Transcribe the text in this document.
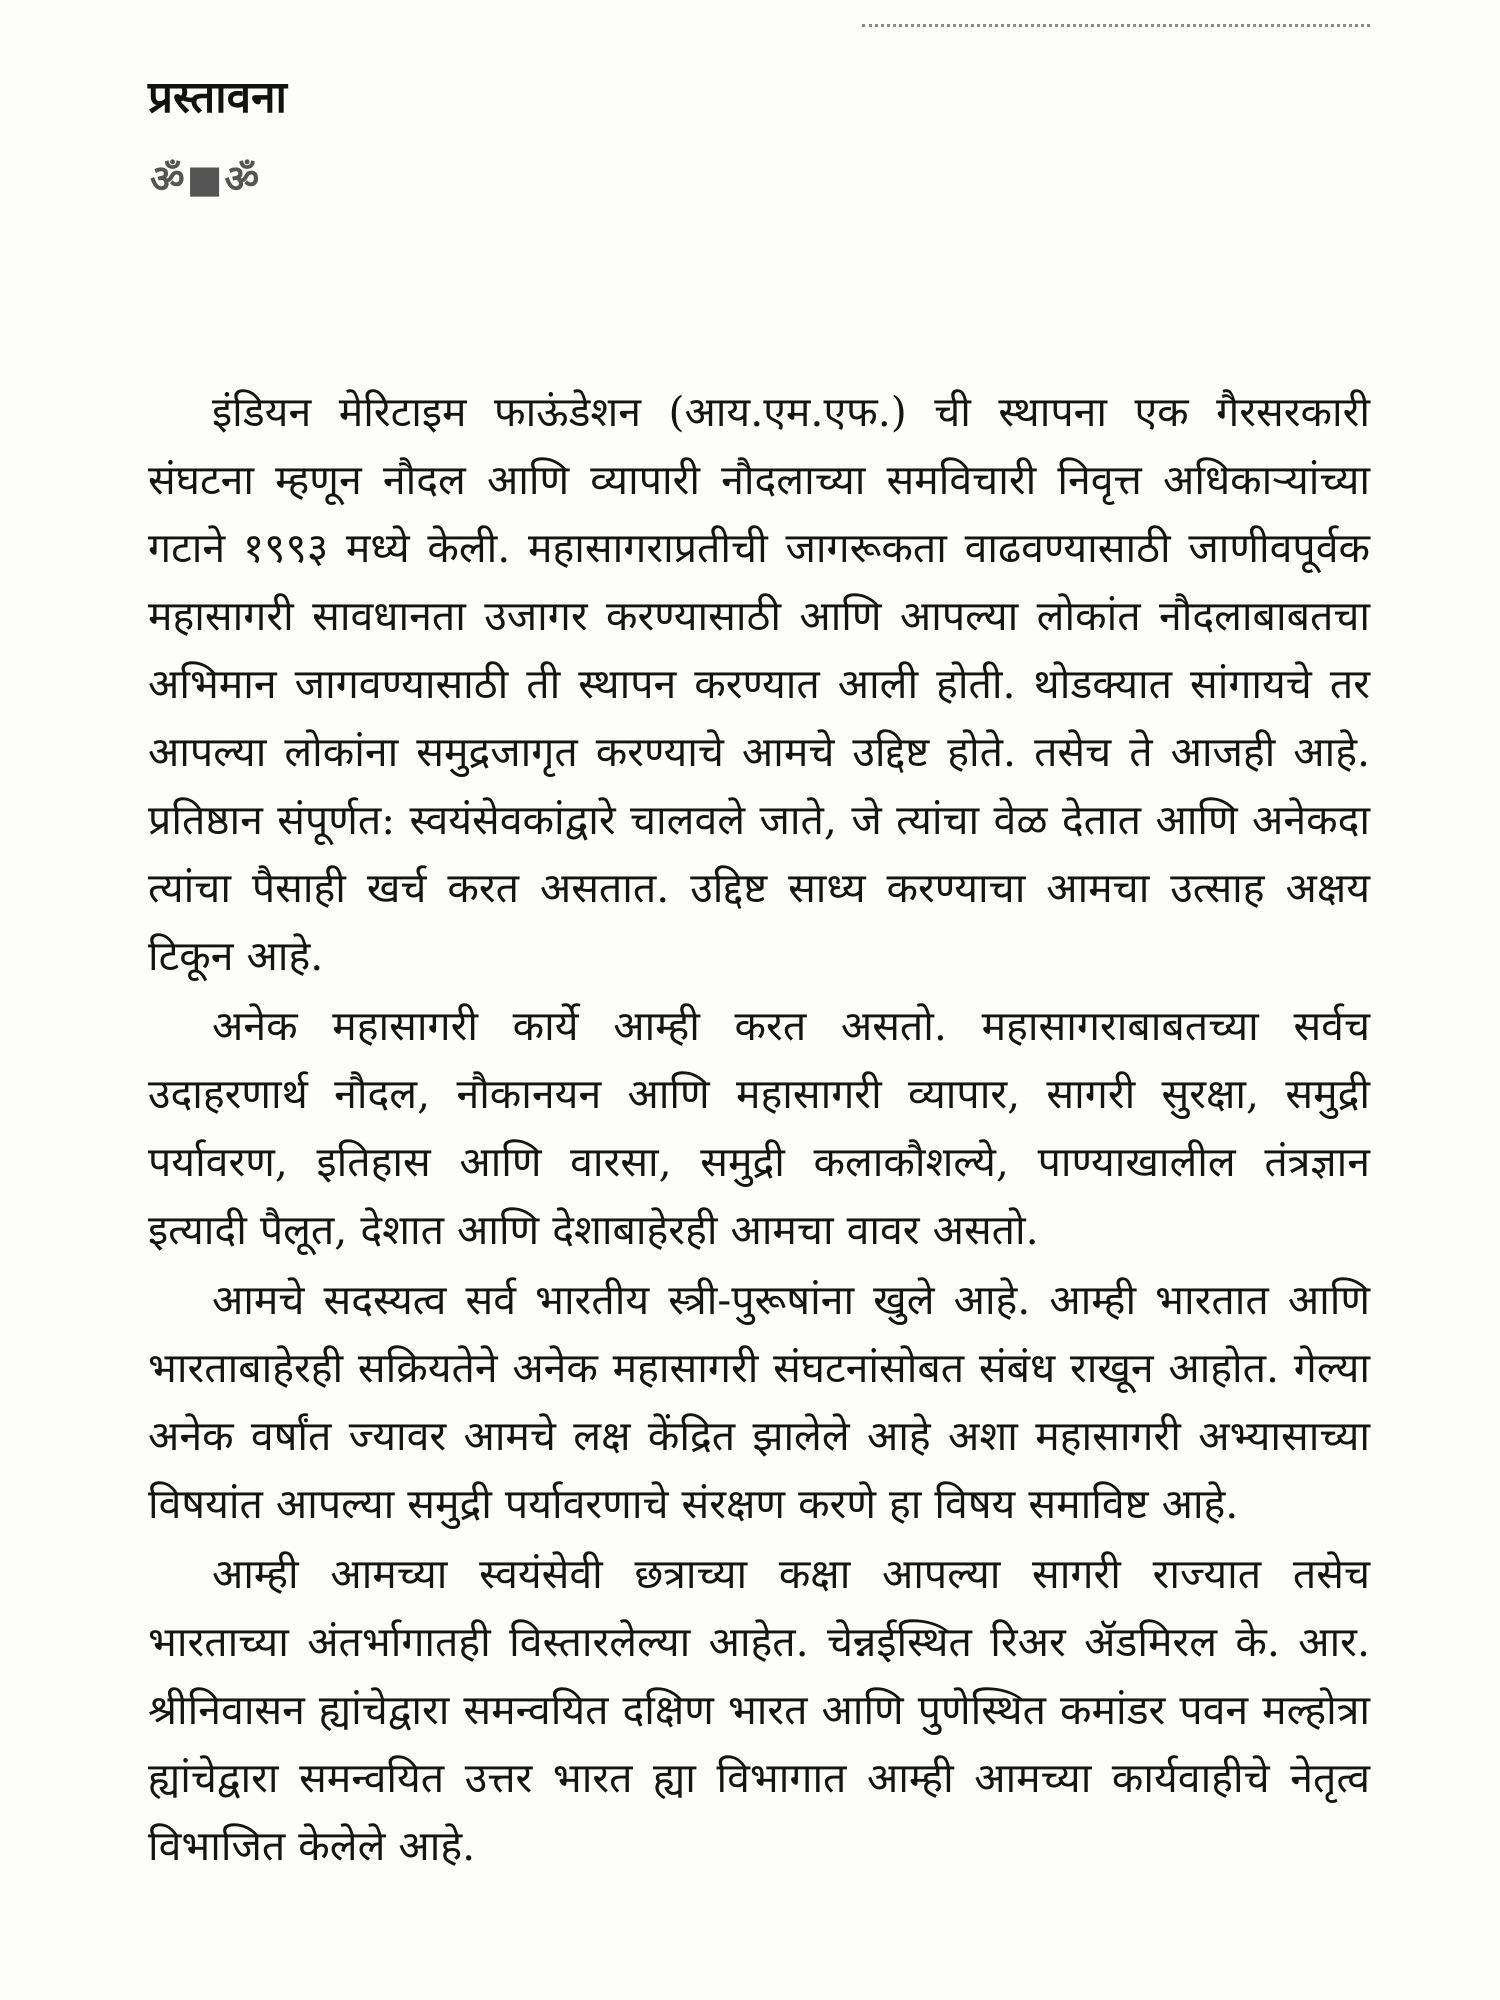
प्रस्तावना
ॐ■ॐ

इंडियन मेरिटाइम फाऊंडेशन (आय.एम.एफ.) ची स्थापना एक गैरसरकारी संघटना म्हणून नौदल आणि व्यापारी नौदलाच्या समविचारी निवृत्त अधिकाऱ्यांच्या गटाने १९९३ मध्ये केली. महासागराप्रतीची जागरूकता वाढवण्यासाठी जाणीवपूर्वक महासागरी सावधानता उजागर करण्यासाठी आणि आपल्या लोकांत नौदलाबाबतचा अभिमान जागवण्यासाठी ती स्थापन करण्यात आली होती. थोडक्यात सांगायचे तर आपल्या लोकांना समुद्रजागृत करण्याचे आमचे उद्दिष्ट होते. तसेच ते आजही आहे. प्रतिष्ठान संपूर्णत: स्वयंसेवकांद्वारे चालवले जाते, जे त्यांचा वेळ देतात आणि अनेकदा त्यांचा पैसाही खर्च करत असतात. उद्दिष्ट साध्य करण्याचा आमचा उत्साह अक्षय टिकून आहे.

अनेक महासागरी कार्ये आम्ही करत असतो. महासागराबाबतच्या सर्वच उदाहरणार्थ नौदल, नौकानयन आणि महासागरी व्यापार, सागरी सुरक्षा, समुद्री पर्यावरण, इतिहास आणि वारसा, समुद्री कलाकौशल्ये, पाण्याखालील तंत्रज्ञान इत्यादी पैलूत, देशात आणि देशाबाहेरही आमचा वावर असतो.

आमचे सदस्यत्व सर्व भारतीय स्त्री-पुरूषांना खुले आहे. आम्ही भारतात आणि भारताबाहेरही सक्रियतेने अनेक महासागरी संघटनांसोबत संबंध राखून आहोत. गेल्या अनेक वर्षांत ज्यावर आमचे लक्ष केंद्रित झालेले आहे अशा महासागरी अभ्यासाच्या विषयांत आपल्या समुद्री पर्यावरणाचे संरक्षण करणे हा विषय समाविष्ट आहे.

आम्ही आमच्या स्वयंसेवी छत्राच्या कक्षा आपल्या सागरी राज्यात तसेच भारताच्या अंतर्भागातही विस्तारलेल्या आहेत. चेन्नईस्थित रिअर ॲडमिरल के. आर. श्रीनिवासन ह्यांचेद्वारा समन्वयित दक्षिण भारत आणि पुणेस्थित कमांडर पवन मल्होत्रा ह्यांचेद्वारा समन्वयित उत्तर भारत ह्या विभागात आम्ही आमच्या कार्यवाहीचे नेतृत्व विभाजित केलेले आहे.
